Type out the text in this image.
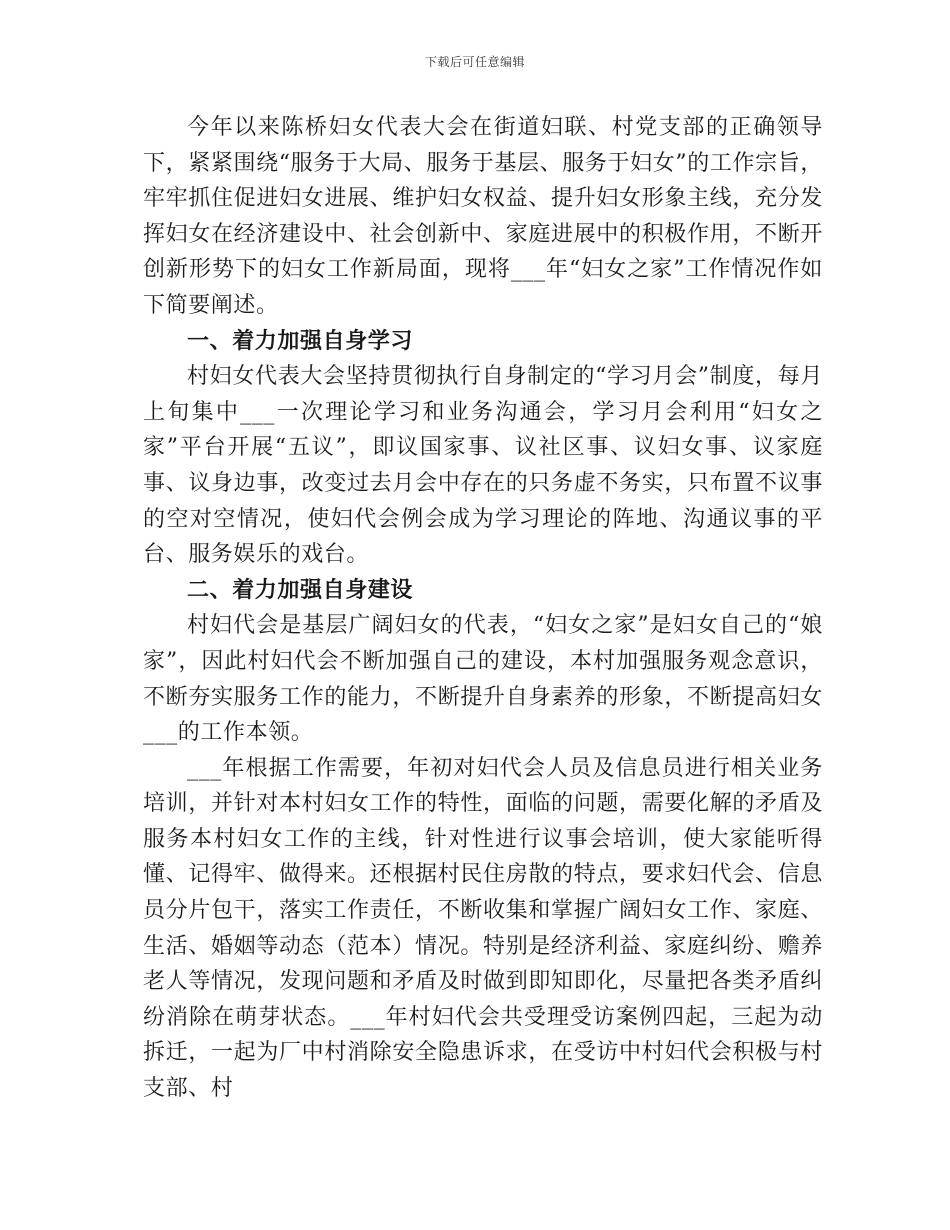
下载后可任意编辑

今年以来陈桥妇女代表大会在街道妇联、村党支部的正确领导下，紧紧围绕“服务于大局、服务于基层、服务于妇女”的工作宗旨，牢牢抓住促进妇女进展、维护妇女权益、提升妇女形象主线，充分发挥妇女在经济建设中、社会创新中、家庭进展中的积极作用，不断开创新形势下的妇女工作新局面，现将___年“妇女之家”工作情况作如下简要阐述。

一、着力加强自身学习

村妇女代表大会坚持贯彻执行自身制定的“学习月会”制度，每月上旬集中___一次理论学习和业务沟通会，学习月会利用“妇女之家”平台开展“五议”，即议国家事、议社区事、议妇女事、议家庭事、议身边事，改变过去月会中存在的只务虚不务实，只布置不议事的空对空情况，使妇代会例会成为学习理论的阵地、沟通议事的平台、服务娱乐的戏台。

二、着力加强自身建设

村妇代会是基层广阔妇女的代表，“妇女之家”是妇女自己的“娘家”，因此村妇代会不断加强自己的建设，本村加强服务观念意识，不断夯实服务工作的能力，不断提升自身素养的形象，不断提高妇女___的工作本领。

___年根据工作需要，年初对妇代会人员及信息员进行相关业务培训，并针对本村妇女工作的特性，面临的问题，需要化解的矛盾及服务本村妇女工作的主线，针对性进行议事会培训，使大家能听得懂、记得牢、做得来。还根据村民住房散的特点，要求妇代会、信息员分片包干，落实工作责任，不断收集和掌握广阔妇女工作、家庭、生活、婚姻等动态（范本）情况。特别是经济利益、家庭纠纷、赡养老人等情况，发现问题和矛盾及时做到即知即化，尽量把各类矛盾纠纷消除在萌芽状态。___年村妇代会共受理受访案例四起，三起为动拆迁，一起为厂中村消除安全隐患诉求，在受访中村妇代会积极与村支部、村
